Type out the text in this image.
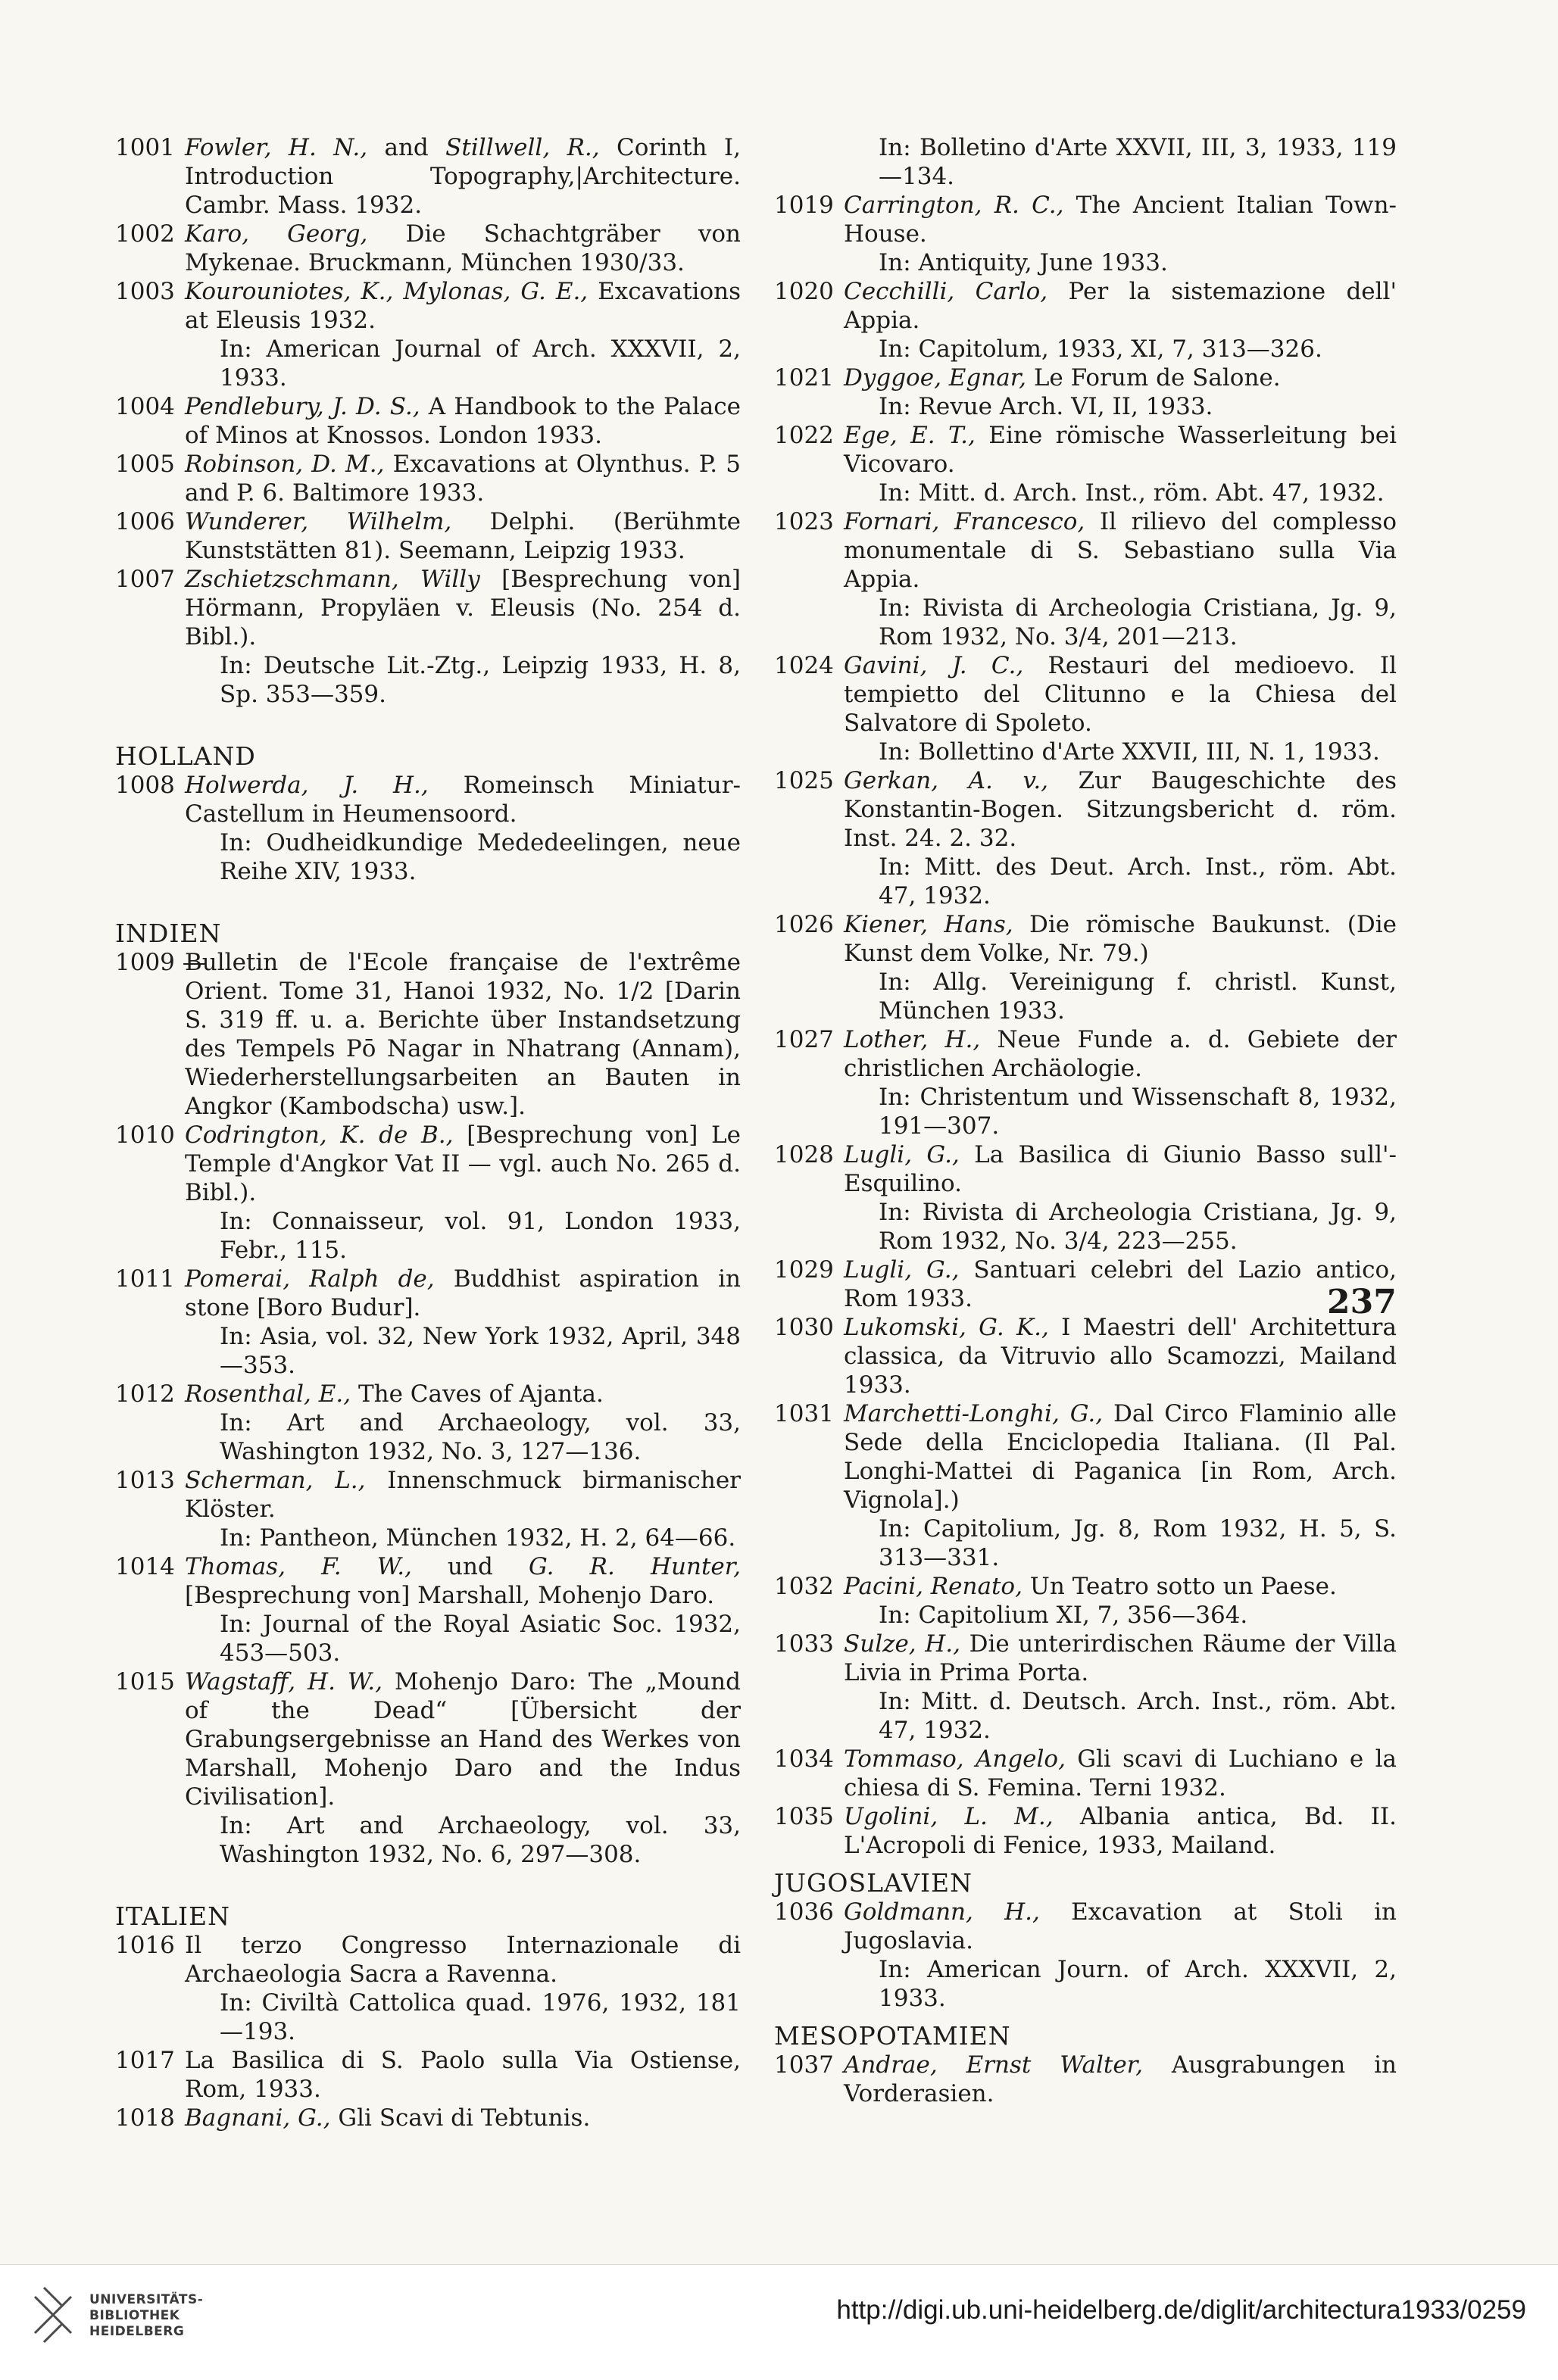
1001 Fowler, H. N., and Stillwell, R., Corinth I, Introduction Topography,|Architecture. Cambr. Mass. 1932.
1002 Karo, Georg, Die Schachtgräber von Mykenae. Bruckmann, München 1930/33.
1003 Kourouniotes, K., Mylonas, G. E., Excavations at Eleusis 1932.
In: American Journal of Arch. XXXVII, 2, 1933.
1004 Pendlebury, J. D. S., A Handbook to the Palace of Minos at Knossos. London 1933.
1005 Robinson, D. M., Excavations at Olynthus. P. 5 and P. 6. Baltimore 1933.
1006 Wunderer, Wilhelm, Delphi. (Berühmte Kunststätten 81). Seemann, Leipzig 1933.
1007 Zschietzschmann, Willy [Besprechung von] Hörmann, Propyläen v. Eleusis (No. 254 d. Bibl.).
In: Deutsche Lit.-Ztg., Leipzig 1933, H. 8, Sp. 353—359.
HOLLAND
1008 Holwerda, J. H., Romeinsch Miniatur-Castellum in Heumensoord.
In: Oudheidkundige Mededeelingen, neue Reihe XIV, 1933.
INDIEN
1009 —
Bulletin de l'Ecole française de l'extrême Orient. Tome 31, Hanoi 1932, No. 1/2 [Darin S. 319 ff. u. a. Berichte über Instandsetzung des Tempels Pō Nagar in Nhatrang (Annam), Wiederherstellungsarbeiten an Bauten in Angkor (Kambodscha) usw.].
1010 Codrington, K. de B., [Besprechung von] Le Temple d'Angkor Vat II — vgl. auch No. 265 d. Bibl.).
In: Connaisseur, vol. 91, London 1933, Febr., 115.
1011 Pomerai, Ralph de, Buddhist aspiration in stone [Boro Budur].
In: Asia, vol. 32, New York 1932, April, 348—353.
1012 Rosenthal, E., The Caves of Ajanta.
In: Art and Archaeology, vol. 33, Washington 1932, No. 3, 127—136.
1013 Scherman, L., Innenschmuck birmanischer Klöster.
In: Pantheon, München 1932, H. 2, 64—66.
1014 Thomas, F. W., und G. R. Hunter, [Besprechung von] Marshall, Mohenjo Daro.
In: Journal of the Royal Asiatic Soc. 1932, 453—503.
1015 Wagstaff, H. W., Mohenjo Daro: The „Mound of the Dead“ [Übersicht der Grabungsergebnisse an Hand des Werkes von Marshall, Mohenjo Daro and the Indus Civilisation].
In: Art and Archaeology, vol. 33, Washington 1932, No. 6, 297—308.
ITALIEN
1016 Il terzo Congresso Internazionale di Archaeologia Sacra a Ravenna.
In: Civiltà Cattolica quad. 1976, 1932, 181—193.
1017 La Basilica di S. Paolo sulla Via Ostiense, Rom, 1933.
1018 Bagnani, G., Gli Scavi di Tebtunis.
In: Bolletino d'Arte XXVII, III, 3, 1933, 119—134.
1019 Carrington, R. C., The Ancient Italian Town-House.
In: Antiquity, June 1933.
1020 Cecchilli, Carlo, Per la sistemazione dell' Appia.
In: Capitolum, 1933, XI, 7, 313—326.
1021 Dyggoe, Egnar, Le Forum de Salone.
In: Revue Arch. VI, II, 1933.
1022 Ege, E. T., Eine römische Wasserleitung bei Vicovaro.
In: Mitt. d. Arch. Inst., röm. Abt. 47, 1932.
1023 Fornari, Francesco, Il rilievo del complesso monumentale di S. Sebastiano sulla Via Appia.
In: Rivista di Archeologia Cristiana, Jg. 9, Rom 1932, No. 3/4, 201—213.
1024 Gavini, J. C., Restauri del medioevo. Il tempietto del Clitunno e la Chiesa del Salvatore di Spoleto.
In: Bollettino d'Arte XXVII, III, N. 1, 1933.
1025 Gerkan, A. v., Zur Baugeschichte des Konstantin-Bogen. Sitzungsbericht d. röm. Inst. 24. 2. 32.
In: Mitt. des Deut. Arch. Inst., röm. Abt. 47, 1932.
1026 Kiener, Hans, Die römische Baukunst. (Die Kunst dem Volke, Nr. 79.)
In: Allg. Vereinigung f. christl. Kunst, München 1933.
1027 Lother, H., Neue Funde a. d. Gebiete der christlichen Archäologie.
In: Christentum und Wissenschaft 8, 1932, 191—307.
1028 Lugli, G., La Basilica di Giunio Basso sull'-Esquilino.
In: Rivista di Archeologia Cristiana, Jg. 9, Rom 1932, No. 3/4, 223—255.
1029 Lugli, G., Santuari celebri del Lazio antico, Rom 1933.
1030 Lukomski, G. K., I Maestri dell' Architettura classica, da Vitruvio allo Scamozzi, Mailand 1933.
1031 Marchetti-Longhi, G., Dal Circo Flaminio alle Sede della Enciclopedia Italiana. (Il Pal. Longhi-Mattei di Paganica [in Rom, Arch. Vignola].)
In: Capitolium, Jg. 8, Rom 1932, H. 5, S. 313—331.
1032 Pacini, Renato, Un Teatro sotto un Paese.
In: Capitolium XI, 7, 356—364.
1033 Sulze, H., Die unterirdischen Räume der Villa Livia in Prima Porta.
In: Mitt. d. Deutsch. Arch. Inst., röm. Abt. 47, 1932.
1034 Tommaso, Angelo, Gli scavi di Luchiano e la chiesa di S. Femina. Terni 1932.
1035 Ugolini, L. M., Albania antica, Bd. II. L'Acropoli di Fenice, 1933, Mailand.
JUGOSLAVIEN
1036 Goldmann, H., Excavation at Stoli in Jugoslavia.
In: American Journ. of Arch. XXXVII, 2, 1933.
MESOPOTAMIEN
1037 Andrae, Ernst Walter, Ausgrabungen in Vorderasien.
237
UNIVERSITÄTS-
BIBLIOTHEK
HEIDELBERG
http://digi.ub.uni-heidelberg.de/diglit/architectura1933/0259
